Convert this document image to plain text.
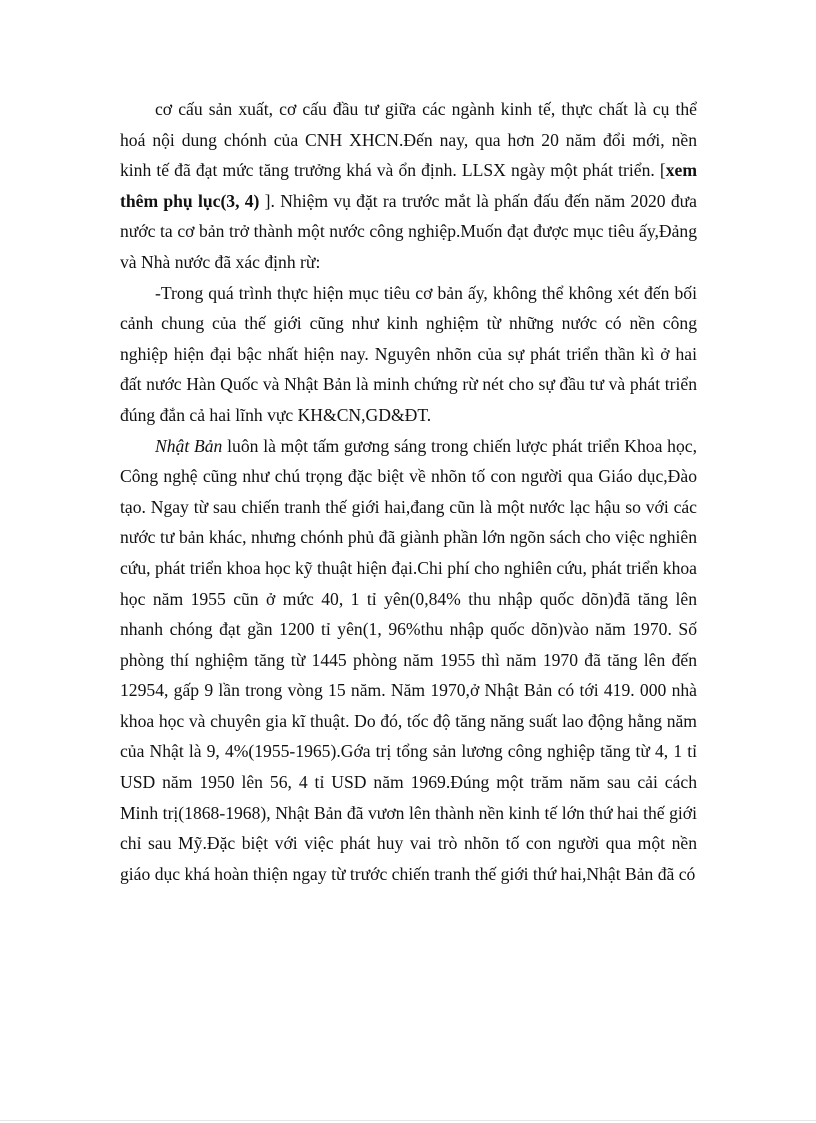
cơ cấu sản xuất, cơ cấu đầu tư giữa các ngành kinh tế, thực chất là cụ thể hoá nội dung chónh của CNH XHCN.Đến nay, qua hơn 20 năm đổi mới, nền kinh tế đã đạt mức tăng trưởng khá và ổn định. LLSX ngày một phát triển. [xem thêm phụ lục(3, 4) ]. Nhiệm vụ đặt ra trước mắt là phấn đấu đến năm 2020 đưa nước ta cơ bản trở thành một nước công nghiệp.Muốn đạt được mục tiêu ấy,Đảng và Nhà nước đã xác định rừ:

-Trong quá trình thực hiện mục tiêu cơ bản ấy, không thể không xét đến bối cảnh chung của thế giới cũng như kinh nghiệm từ những nước có nền công nghiệp hiện đại bậc nhất hiện nay. Nguyên nhõn của sự phát triển thần kì ở hai đất nước Hàn Quốc và Nhật Bản là minh chứng rừ nét cho sự đầu tư và phát triển đúng đắn cả hai lĩnh vực KH&CN,GD&ĐT.

Nhật Bản luôn là một tấm gương sáng trong chiến lược phát triển Khoa học, Công nghệ cũng như chú trọng đặc biệt về nhõn tố con người qua Giáo dục,Đào tạo. Ngay từ sau chiến tranh thế giới hai,đang cũn là một nước lạc hậu so với các nước tư bản khác, nhưng chónh phủ đã giành phần lớn ngõn sách cho việc nghiên cứu, phát triển khoa học kỹ thuật hiện đại.Chi phí cho nghiên cứu, phát triển khoa học năm 1955 cũn ở mức 40, 1 tỉ yên(0,84% thu nhập quốc dõn)đã tăng lên nhanh chóng đạt gần 1200 tỉ yên(1, 96%thu nhập quốc dõn)vào năm 1970. Số phòng thí nghiệm tăng từ 1445 phòng năm 1955 thì năm 1970 đã tăng lên đến 12954, gấp 9 lần trong vòng 15 năm. Năm 1970,ở Nhật Bản có tới 419. 000 nhà khoa học và chuyên gia kĩ thuật. Do đó, tốc độ tăng năng suất lao động hằng năm của Nhật là 9, 4%(1955-1965).Gớa trị tổng sản lương công nghiệp tăng từ 4, 1 tỉ USD năm 1950 lên 56, 4 tỉ USD năm 1969.Đúng một trăm năm sau cải cách Minh trị(1868-1968), Nhật Bản đã vươn lên thành nền kinh tế lớn thứ hai thế giới chỉ sau Mỹ.Đặc biệt với việc phát huy vai trò nhõn tố con người qua một nền giáo dục khá hoàn thiện ngay từ trước chiến tranh thế giới thứ hai,Nhật Bản đã có
